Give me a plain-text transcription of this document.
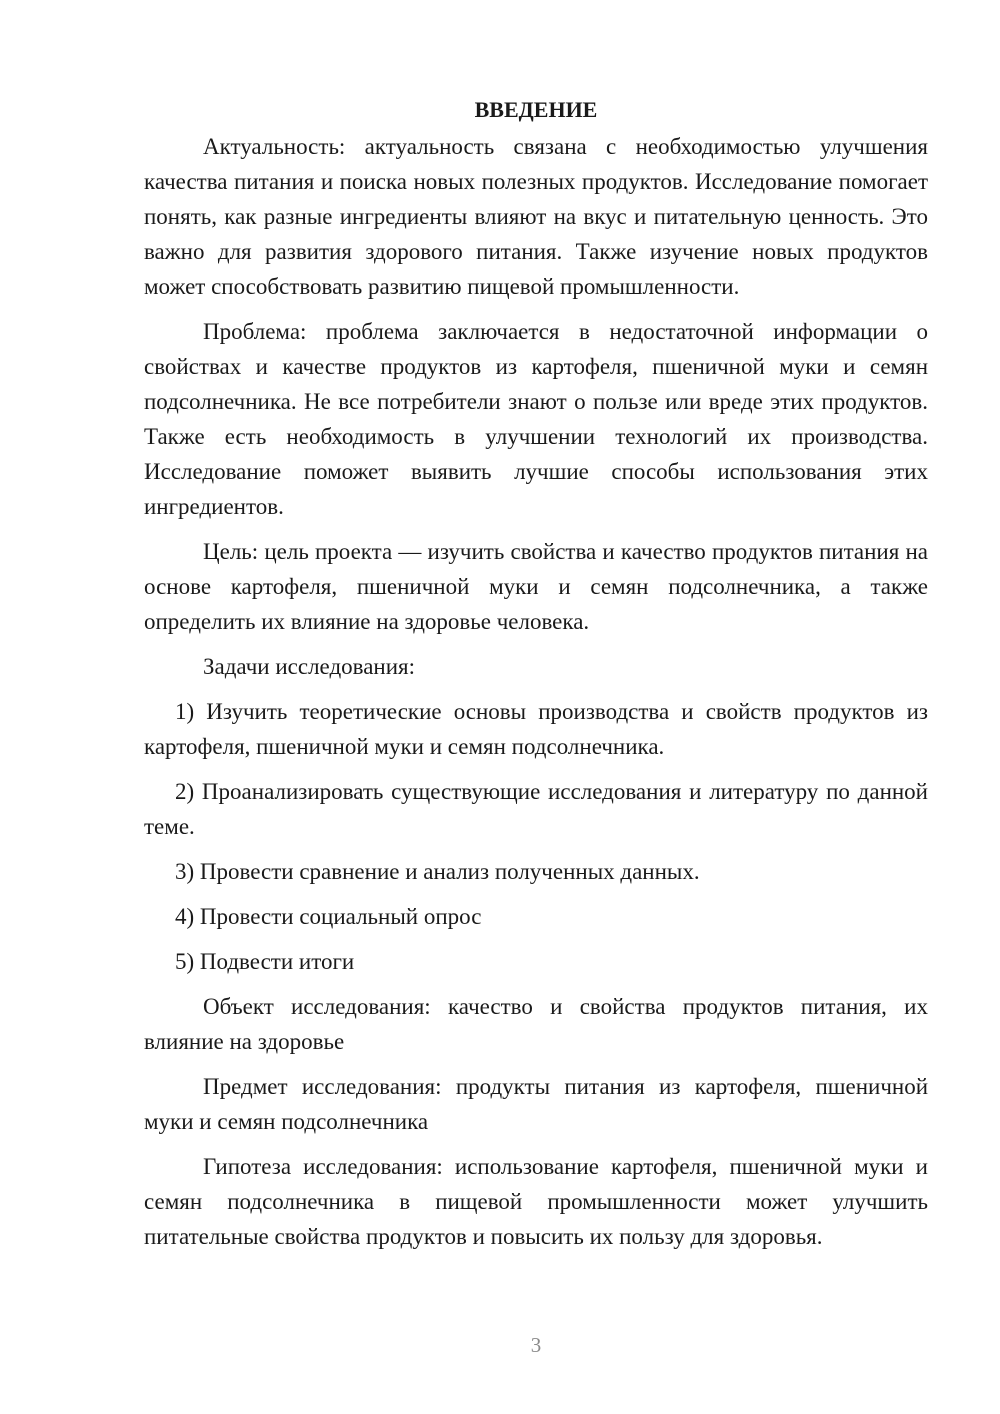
ВВЕДЕНИЕ

Актуальность: актуальность связана с необходимостью улучшения качества питания и поиска новых полезных продуктов. Исследование помогает понять, как разные ингредиенты влияют на вкус и питательную ценность. Это важно для развития здорового питания. Также изучение новых продуктов может способствовать развитию пищевой промышленности.

Проблема: проблема заключается в недостаточной информации о свойствах и качестве продуктов из картофеля, пшеничной муки и семян подсолнечника. Не все потребители знают о пользе или вреде этих продуктов. Также есть необходимость в улучшении технологий их производства. Исследование поможет выявить лучшие способы использования этих ингредиентов.

Цель: цель проекта — изучить свойства и качество продуктов питания на основе картофеля, пшеничной муки и семян подсолнечника, а также определить их влияние на здоровье человека.

Задачи исследования:

1) Изучить теоретические основы производства и свойств продуктов из картофеля, пшеничной муки и семян подсолнечника.

2) Проанализировать существующие исследования и литературу по данной теме.

3) Провести сравнение и анализ полученных данных.

4) Провести социальный опрос

5) Подвести итоги

Объект исследования: качество и свойства продуктов питания, их влияние на здоровье

Предмет исследования: продукты питания из картофеля, пшеничной муки и семян подсолнечника

Гипотеза исследования: использование картофеля, пшеничной муки и семян подсолнечника в пищевой промышленности может улучшить питательные свойства продуктов и повысить их пользу для здоровья.

3
